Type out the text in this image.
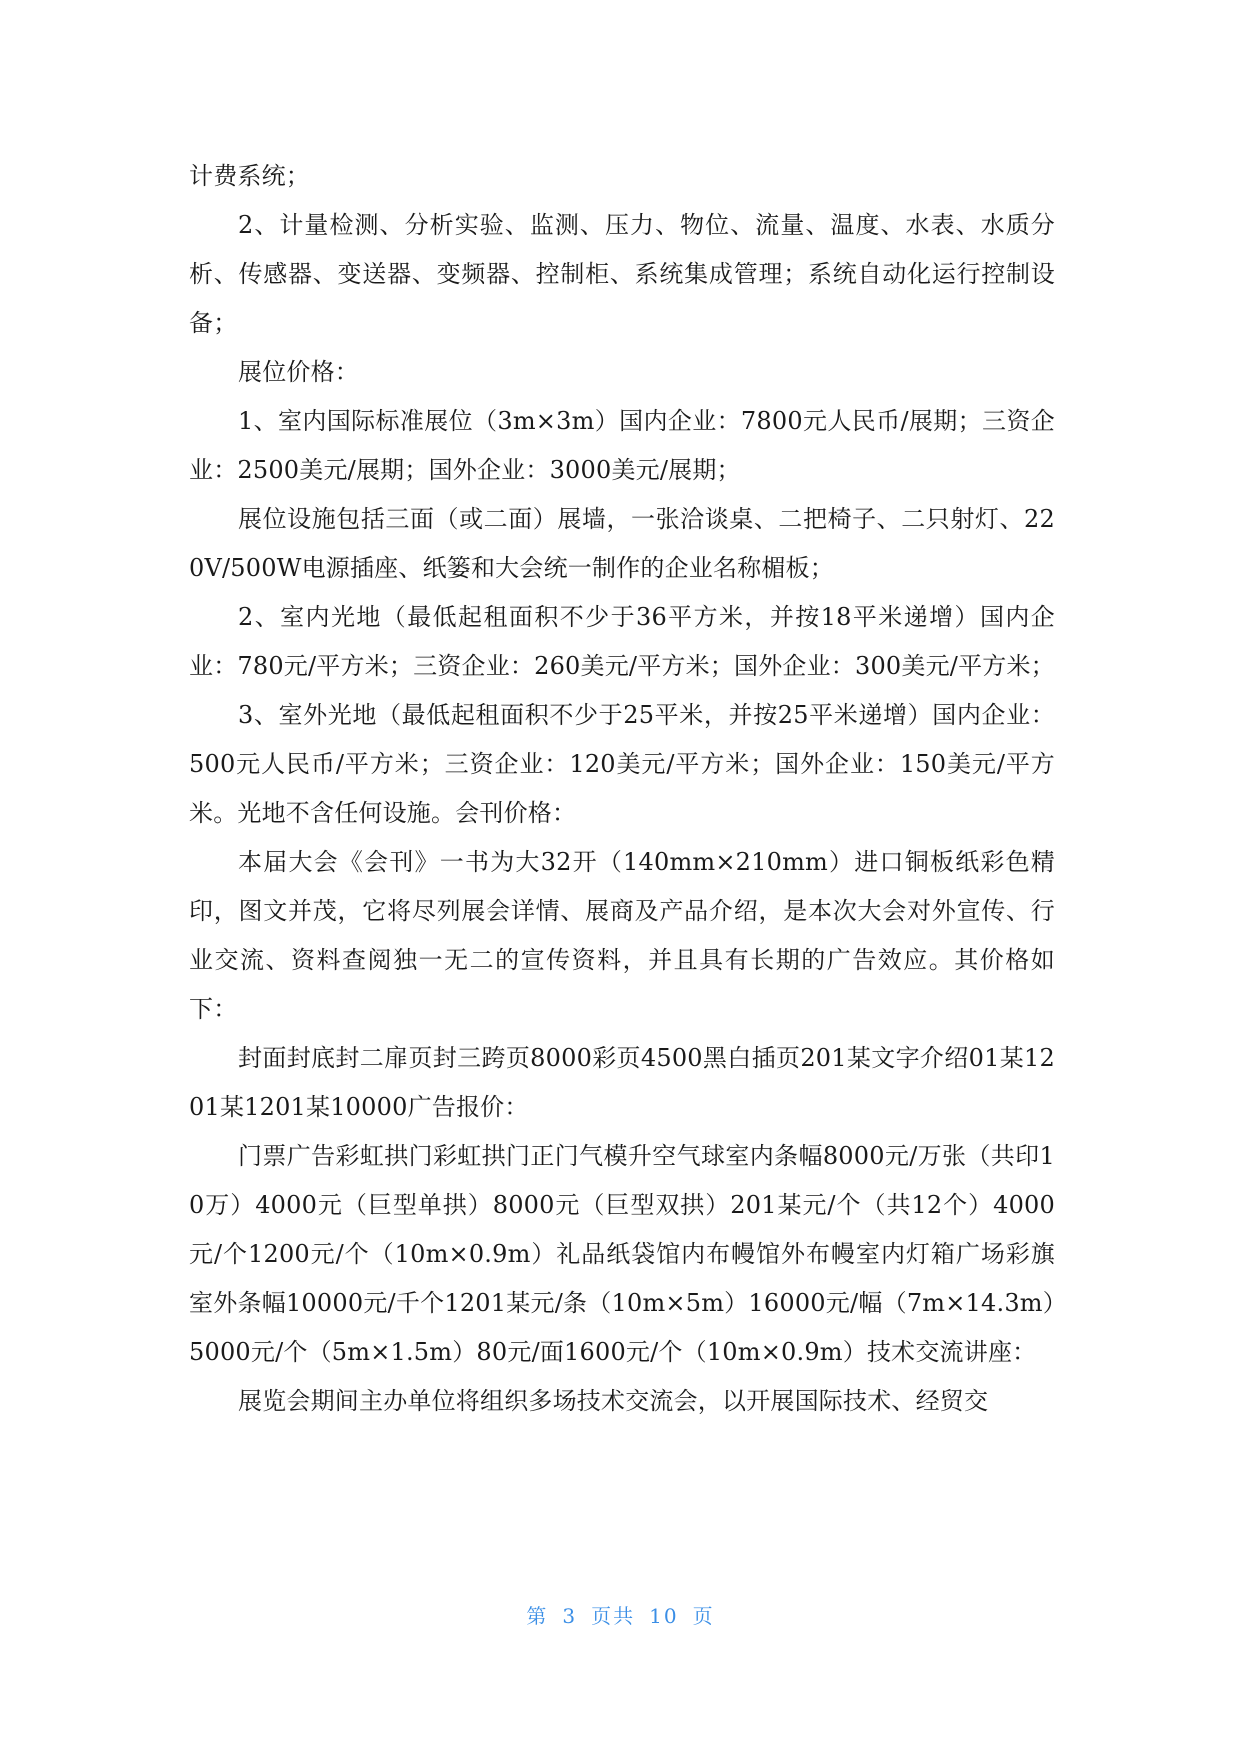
计费系统；

2、计量检测、分析实验、监测、压力、物位、流量、温度、水表、水质分析、传感器、变送器、变频器、控制柜、系统集成管理；系统自动化运行控制设备；

展位价格：

1、室内国际标准展位（3m×3m）国内企业：7800元人民币/展期；三资企业：2500美元/展期；国外企业：3000美元/展期；

展位设施包括三面（或二面）展墙，一张洽谈桌、二把椅子、二只射灯、220V/500W电源插座、纸篓和大会统一制作的企业名称楣板；

2、室内光地（最低起租面积不少于36平方米，并按18平米递增）国内企业：780元/平方米；三资企业：260美元/平方米；国外企业：300美元/平方米；

3、室外光地（最低起租面积不少于25平米，并按25平米递增）国内企业：500元人民币/平方米；三资企业：120美元/平方米；国外企业：150美元/平方米。光地不含任何设施。会刊价格：

本届大会《会刊》一书为大32开（140mm×210mm）进口铜板纸彩色精印，图文并茂，它将尽列展会详情、展商及产品介绍，是本次大会对外宣传、行业交流、资料查阅独一无二的宣传资料，并且具有长期的广告效应。其价格如下：

封面封底封二扉页封三跨页8000彩页4500黑白插页201某文字介绍01某1201某1201某10000广告报价：

门票广告彩虹拱门彩虹拱门正门气模升空气球室内条幅8000元/万张（共印10万）4000元（巨型单拱）8000元（巨型双拱）201某元/个（共12个）4000元/个1200元/个（10m×0.9m）礼品纸袋馆内布幔馆外布幔室内灯箱广场彩旗室外条幅10000元/千个1201某元/条（10m×5m）16000元/幅（7m×14.3m）5000元/个（5m×1.5m）80元/面1600元/个（10m×0.9m）技术交流讲座：

展览会期间主办单位将组织多场技术交流会，以开展国际技术、经贸交

第 3 页共 10 页
